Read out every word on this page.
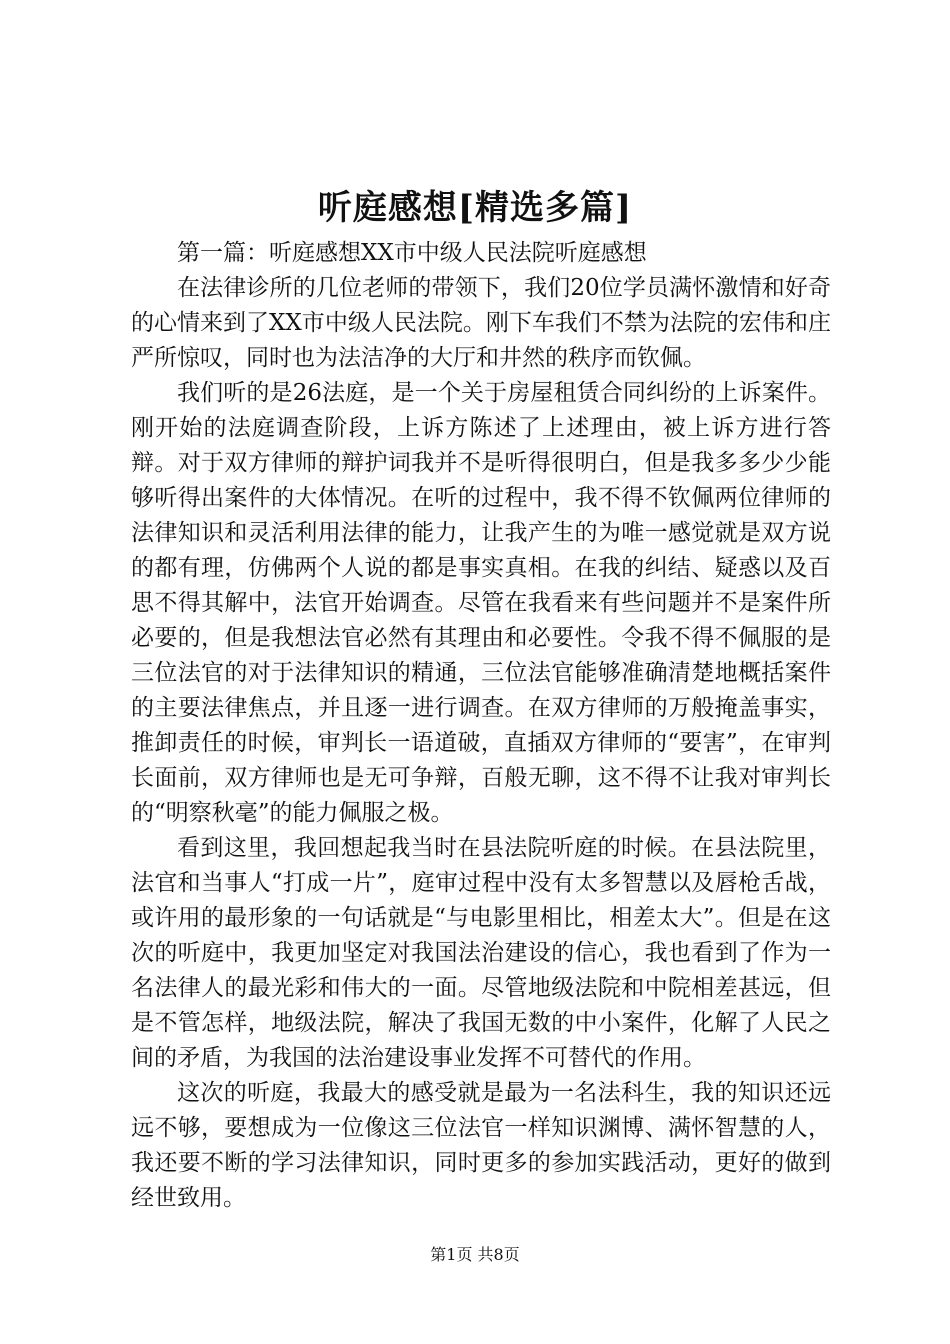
听庭感想[精选多篇]

第一篇：听庭感想XX市中级人民法院听庭感想

在法律诊所的几位老师的带领下，我们20位学员满怀激情和好奇的心情来到了XX市中级人民法院。刚下车我们不禁为法院的宏伟和庄严所惊叹，同时也为法洁净的大厅和井然的秩序而钦佩。

我们听的是26法庭，是一个关于房屋租赁合同纠纷的上诉案件。刚开始的法庭调查阶段，上诉方陈述了上述理由，被上诉方进行答辩。对于双方律师的辩护词我并不是听得很明白，但是我多多少少能够听得出案件的大体情况。在听的过程中，我不得不钦佩两位律师的法律知识和灵活利用法律的能力，让我产生的为唯一感觉就是双方说的都有理，仿佛两个人说的都是事实真相。在我的纠结、疑惑以及百思不得其解中，法官开始调查。尽管在我看来有些问题并不是案件所必要的，但是我想法官必然有其理由和必要性。令我不得不佩服的是三位法官的对于法律知识的精通，三位法官能够准确清楚地概括案件的主要法律焦点，并且逐一进行调查。在双方律师的万般掩盖事实，推卸责任的时候，审判长一语道破，直插双方律师的“要害”，在审判长面前，双方律师也是无可争辩，百般无聊，这不得不让我对审判长的“明察秋毫”的能力佩服之极。

看到这里，我回想起我当时在县法院听庭的时候。在县法院里，法官和当事人“打成一片”，庭审过程中没有太多智慧以及唇枪舌战，或许用的最形象的一句话就是“与电影里相比，相差太大”。但是在这次的听庭中，我更加坚定对我国法治建设的信心，我也看到了作为一名法律人的最光彩和伟大的一面。尽管地级法院和中院相差甚远，但是不管怎样，地级法院，解决了我国无数的中小案件，化解了人民之间的矛盾，为我国的法治建设事业发挥不可替代的作用。

这次的听庭，我最大的感受就是最为一名法科生，我的知识还远远不够，要想成为一位像这三位法官一样知识渊博、满怀智慧的人，我还要不断的学习法律知识，同时更多的参加实践活动，更好的做到经世致用。

第1页 共8页
